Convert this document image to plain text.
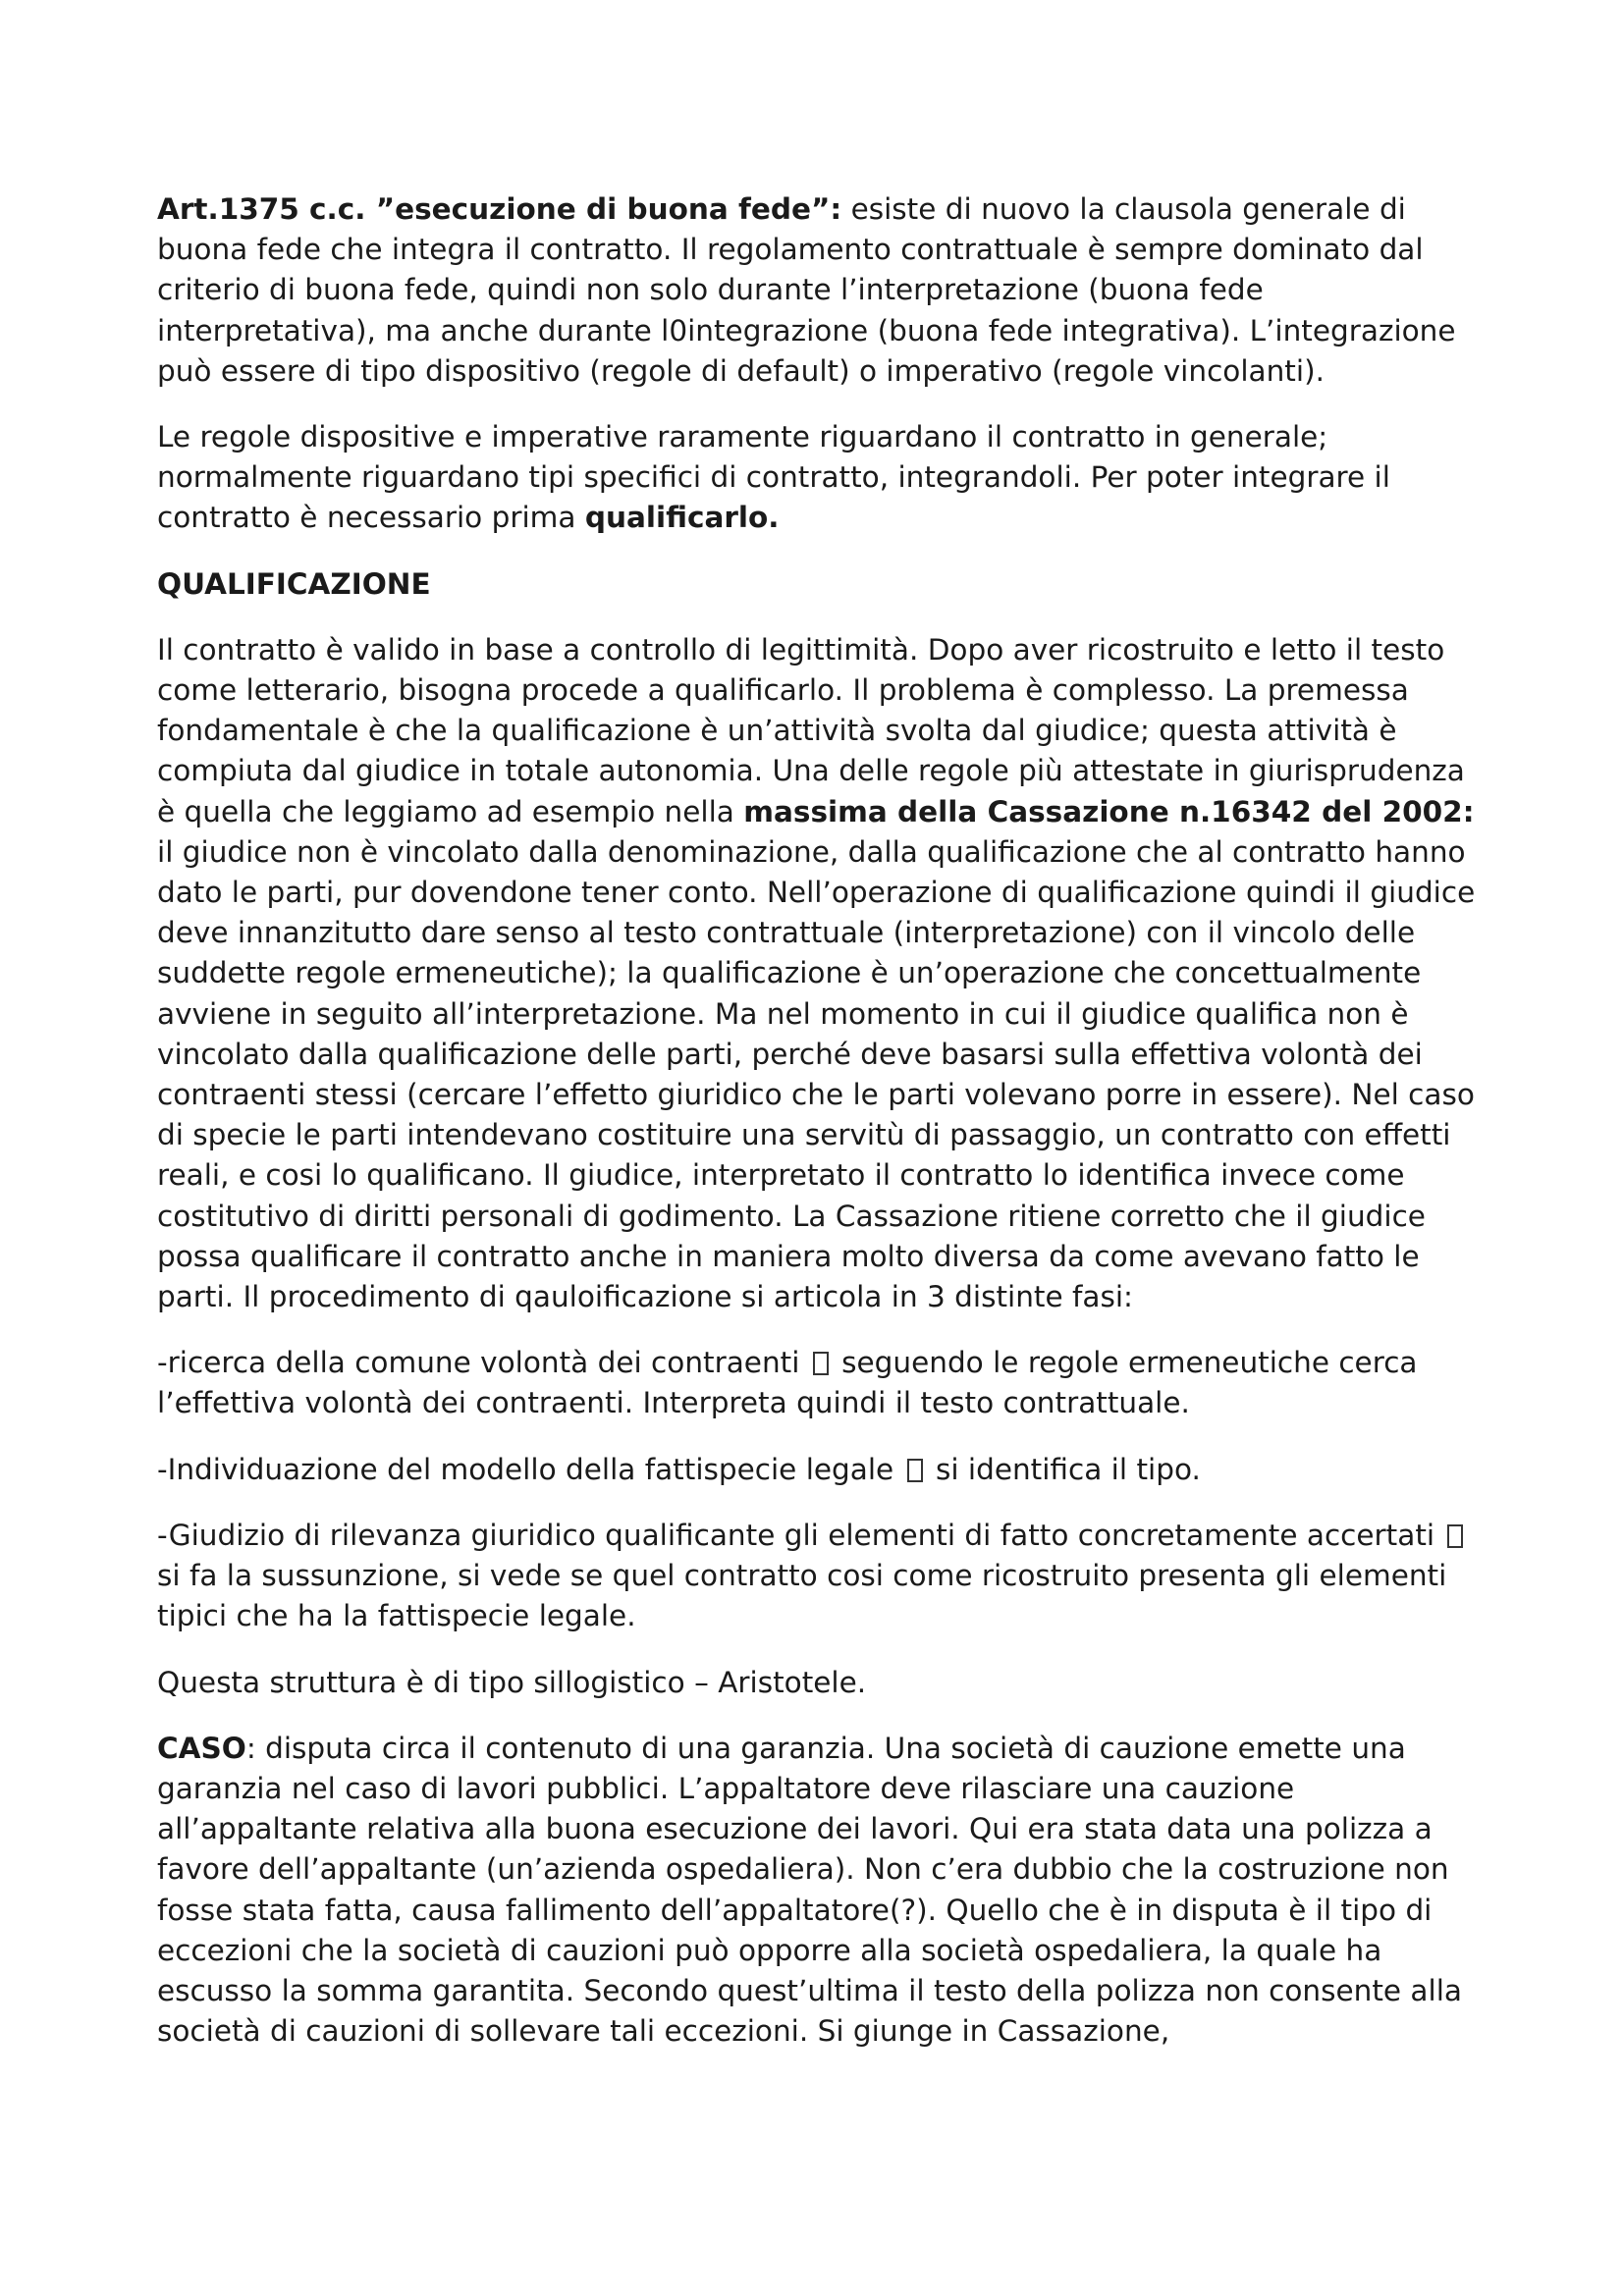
Art.1375 c.c. ”esecuzione di buona fede”: esiste di nuovo la clausola generale di buona fede che integra il contratto. Il regolamento contrattuale è sempre dominato dal criterio di buona fede, quindi non solo durante l’interpretazione (buona fede interpretativa), ma anche durante l0integrazione (buona fede integrativa). L’integrazione può essere di tipo dispositivo (regole di default) o imperativo (regole vincolanti).

Le regole dispositive e imperative raramente riguardano il contratto in generale; normalmente riguardano tipi specifici di contratto, integrandoli. Per poter integrare il contratto è necessario prima qualificarlo.

QUALIFICAZIONE

Il contratto è valido in base a controllo di legittimità. Dopo aver ricostruito e letto il testo come letterario, bisogna procede a qualificarlo. Il problema è complesso. La premessa fondamentale è che la qualificazione è un’attività svolta dal giudice; questa attività è compiuta dal giudice in totale autonomia. Una delle regole più attestate in giurisprudenza è quella che leggiamo ad esempio nella massima della Cassazione n.16342 del 2002: il giudice non è vincolato dalla denominazione, dalla qualificazione che al contratto hanno dato le parti, pur dovendone tener conto. Nell’operazione di qualificazione quindi il giudice deve innanzitutto dare senso al testo contrattuale (interpretazione) con il vincolo delle suddette regole ermeneutiche); la qualificazione è un’operazione che concettualmente avviene in seguito all’interpretazione. Ma nel momento in cui il giudice qualifica non è vincolato dalla qualificazione delle parti, perché deve basarsi sulla effettiva volontà dei contraenti stessi (cercare l’effetto giuridico che le parti volevano porre in essere). Nel caso di specie le parti intendevano costituire una servitù di passaggio, un contratto con effetti reali, e cosi lo qualificano. Il giudice, interpretato il contratto lo identifica invece come costitutivo di diritti personali di godimento. La Cassazione ritiene corretto che il giudice possa qualificare il contratto anche in maniera molto diversa da come avevano fatto le parti. Il procedimento di qauloificazione si articola in 3 distinte fasi:

-ricerca della comune volontà dei contraenti  seguendo le regole ermeneutiche cerca l’effettiva volontà dei contraenti. Interpreta quindi il testo contrattuale.

-Individuazione del modello della fattispecie legale  si identifica il tipo.

-Giudizio di rilevanza giuridico qualificante gli elementi di fatto concretamente accertati  si fa la sussunzione, si vede se quel contratto cosi come ricostruito presenta gli elementi tipici che ha la fattispecie legale.

Questa struttura è di tipo sillogistico – Aristotele.

CASO: disputa circa il contenuto di una garanzia. Una società di cauzione emette una garanzia nel caso di lavori pubblici. L’appaltatore deve rilasciare una cauzione all’appaltante relativa alla buona esecuzione dei lavori. Qui era stata data una polizza a favore dell’appaltante (un’azienda ospedaliera). Non c’era dubbio che la costruzione non fosse stata fatta, causa fallimento dell’appaltatore(?). Quello che è in disputa è il tipo di eccezioni che la società di cauzioni può opporre alla società ospedaliera, la quale ha escusso la somma garantita. Secondo quest’ultima il testo della polizza non consente alla società di cauzioni di sollevare tali eccezioni. Si giunge in Cassazione,
